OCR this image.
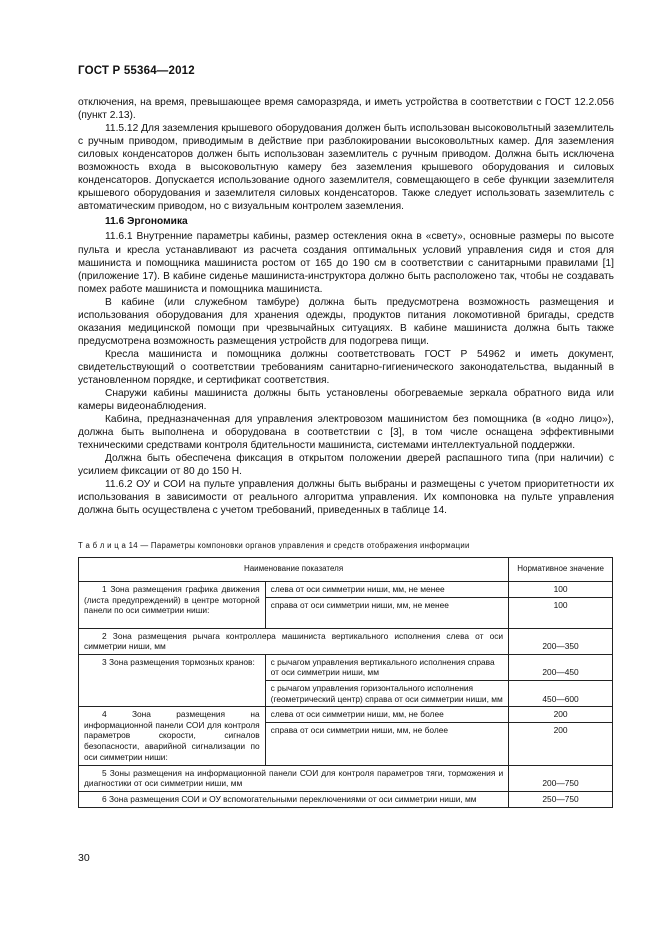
ГОСТ Р 55364—2012

отключения, на время, превышающее время саморазряда, и иметь устройства в соответствии с ГОСТ 12.2.056 (пункт 2.13).

11.5.12 Для заземления крышевого оборудования должен быть использован высоковольтный заземлитель с ручным приводом, приводимым в действие при разблокировании высоковольтных камер. Для заземления силовых конденсаторов должен быть использован заземлитель с ручным приводом. Должна быть исключена возможность входа в высоковольтную камеру без заземления крышевого оборудования и силовых конденсаторов. Допускается использование одного заземлителя, совмещающего в себе функции заземлителя крышевого оборудования и заземлителя силовых конденсаторов. Также следует использовать заземлитель с автоматическим приводом, но с визуальным контролем заземления.

11.6 Эргономика

11.6.1 Внутренние параметры кабины, размер остекления окна в «свету», основные размеры по высоте пульта и кресла устанавливают из расчета создания оптимальных условий управления сидя и стоя для машиниста и помощника машиниста ростом от 165 до 190 см в соответствии с санитарными правилами [1] (приложение 17). В кабине сиденье машиниста-инструктора должно быть расположено так, чтобы не создавать помех работе машиниста и помощника машиниста.

В кабине (или служебном тамбуре) должна быть предусмотрена возможность размещения и использования оборудования для хранения одежды, продуктов питания локомотивной бригады, средств оказания медицинской помощи при чрезвычайных ситуациях. В кабине машиниста должна быть также предусмотрена возможность размещения устройств для подогрева пищи.

Кресла машиниста и помощника должны соответствовать ГОСТ Р 54962 и иметь документ, свидетельствующий о соответствии требованиям санитарно-гигиенического законодательства, выданный в установленном порядке, и сертификат соответствия.

Снаружи кабины машиниста должны быть установлены обогреваемые зеркала обратного вида или камеры видеонаблюдения.

Кабина, предназначенная для управления электровозом машинистом без помощника (в «одно лицо»), должна быть выполнена и оборудована в соответствии с [3], в том числе оснащена эффективными техническими средствами контроля бдительности машиниста, системами интеллектуальной поддержки.

Должна быть обеспечена фиксация в открытом положении дверей распашного типа (при наличии) с усилием фиксации от 80 до 150 Н.

11.6.2 ОУ и СОИ на пульте управления должны быть выбраны и размещены с учетом приоритетности их использования в зависимости от реального алгоритма управления. Их компоновка на пульте управления должна быть осуществлена с учетом требований, приведенных в таблице 14.

Т а б л и ц а 14 — Параметры компоновки органов управления и средств отображения информации
Наименование показателя		Нормативное значение

1 Зона размещения графика движения (листа предупреждений) в центре моторной панели по оси симметрии ниши:	слева от оси симметрии ниши, мм, не менее	100
	справа от оси симметрии ниши, мм, не менее	100

2 Зона размещения рычага контроллера машиниста вертикального исполнения слева от оси симметрии ниши, мм		200—350

3 Зона размещения тормозных кранов:	с рычагом управления вертикального исполнения справа от оси симметрии ниши, мм	200—450
	с рычагом управления горизонтального исполнения (геометрический центр) справа от оси симметрии ниши, мм	450—600

4 Зона размещения на информационной панели СОИ для контроля параметров скорости, сигналов безопасности, аварийной сигнализации по оси симметрии ниши:	слева от оси симметрии ниши, мм, не более	200
	справа от оси симметрии ниши, мм, не более	200

5 Зоны размещения на информационной панели СОИ для контроля параметров тяги, торможения и диагностики от оси симметрии ниши, мм		200—750

6 Зона размещения СОИ и ОУ вспомогательными переключениями от оси симметрии ниши, мм		250—750
30
